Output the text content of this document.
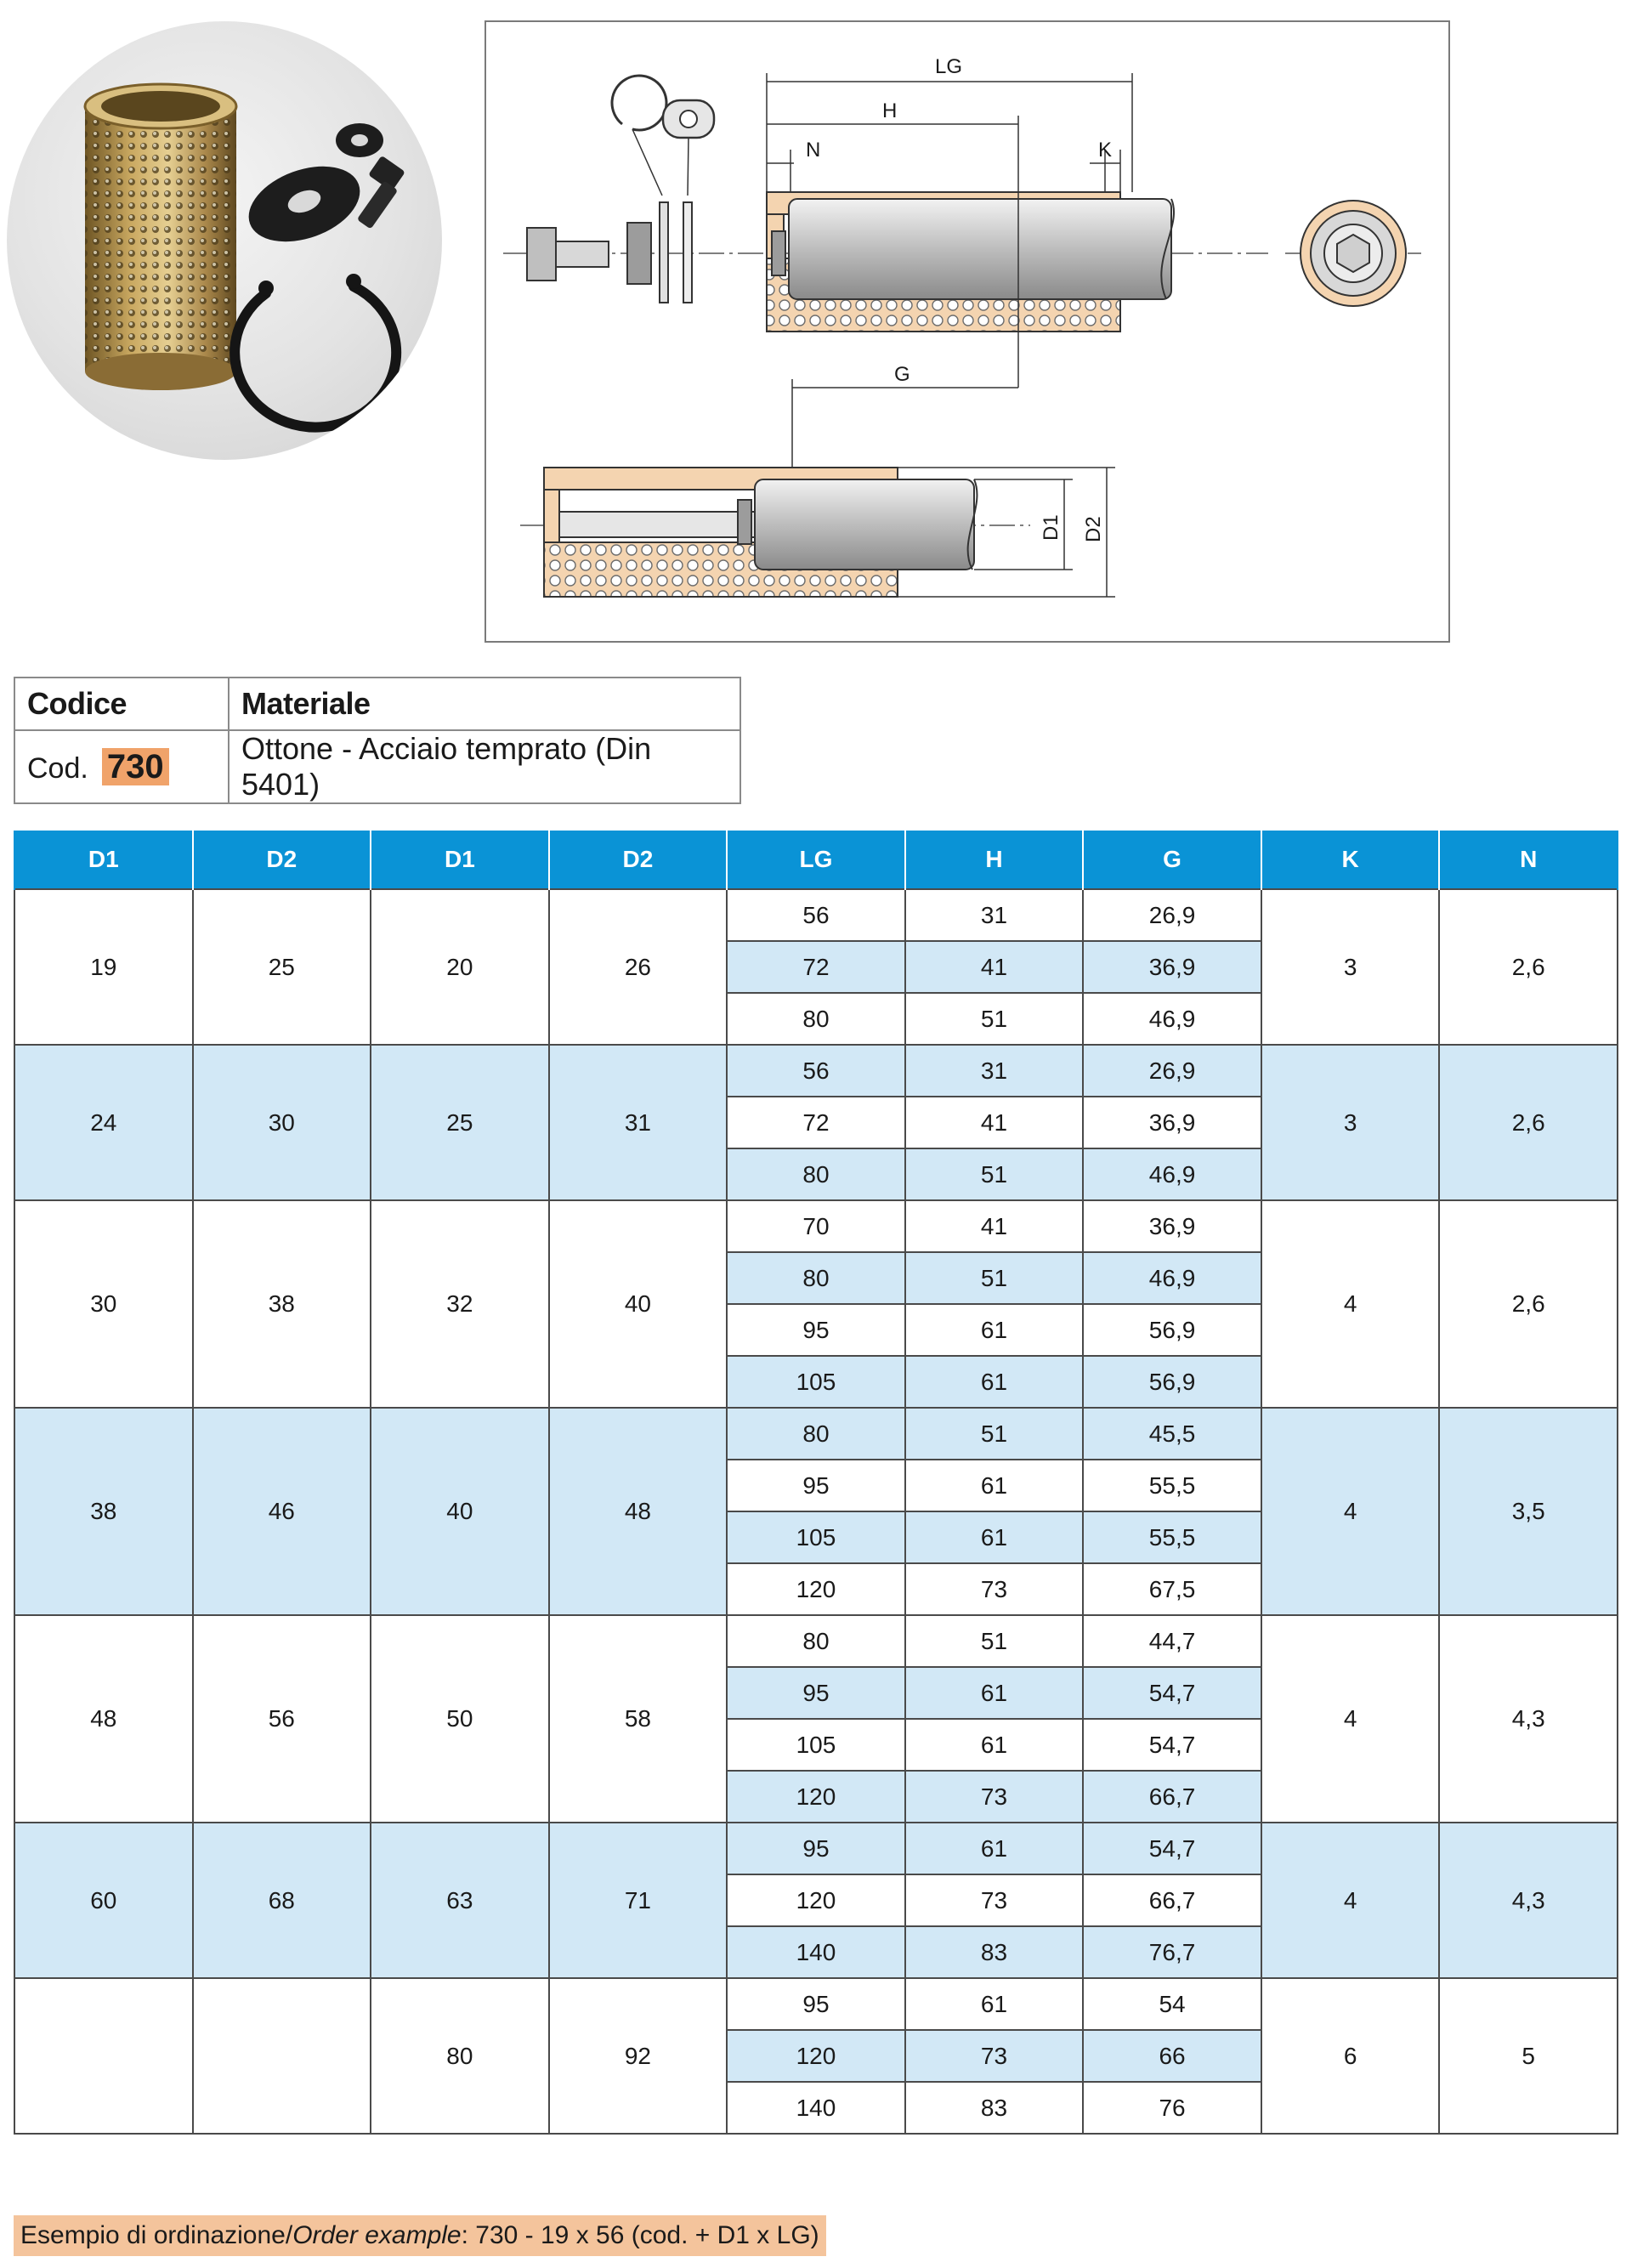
LG
H
N	K
G
D1 D2
Codice	Materiale
Cod. 730	Ottone - Acciaio temprato (Din 5401)
D1	D2	D1	D2	LG	H	G	K	N
19	25	20	26	56	31	26,9	3	2,6
				72	41	36,9		
				80	51	46,9		
24	30	25	31	56	31	26,9	3	2,6
				72	41	36,9		
				80	51	46,9		
30	38	32	40	70	41	36,9	4	2,6
				80	51	46,9		
				95	61	56,9		
				105	61	56,9		
38	46	40	48	80	51	45,5	4	3,5
				95	61	55,5		
				105	61	55,5		
				120	73	67,5		
48	56	50	58	80	51	44,7	4	4,3
				95	61	54,7		
				105	61	54,7		
				120	73	66,7		
60	68	63	71	95	61	54,7	4	4,3
				120	73	66,7		
				140	83	76,7		
		80	92	95	61	54	6	5
				120	73	66		
				140	83	76		
Esempio di ordinazione/Order example: 730 - 19 x 56 (cod. + D1 x LG)
